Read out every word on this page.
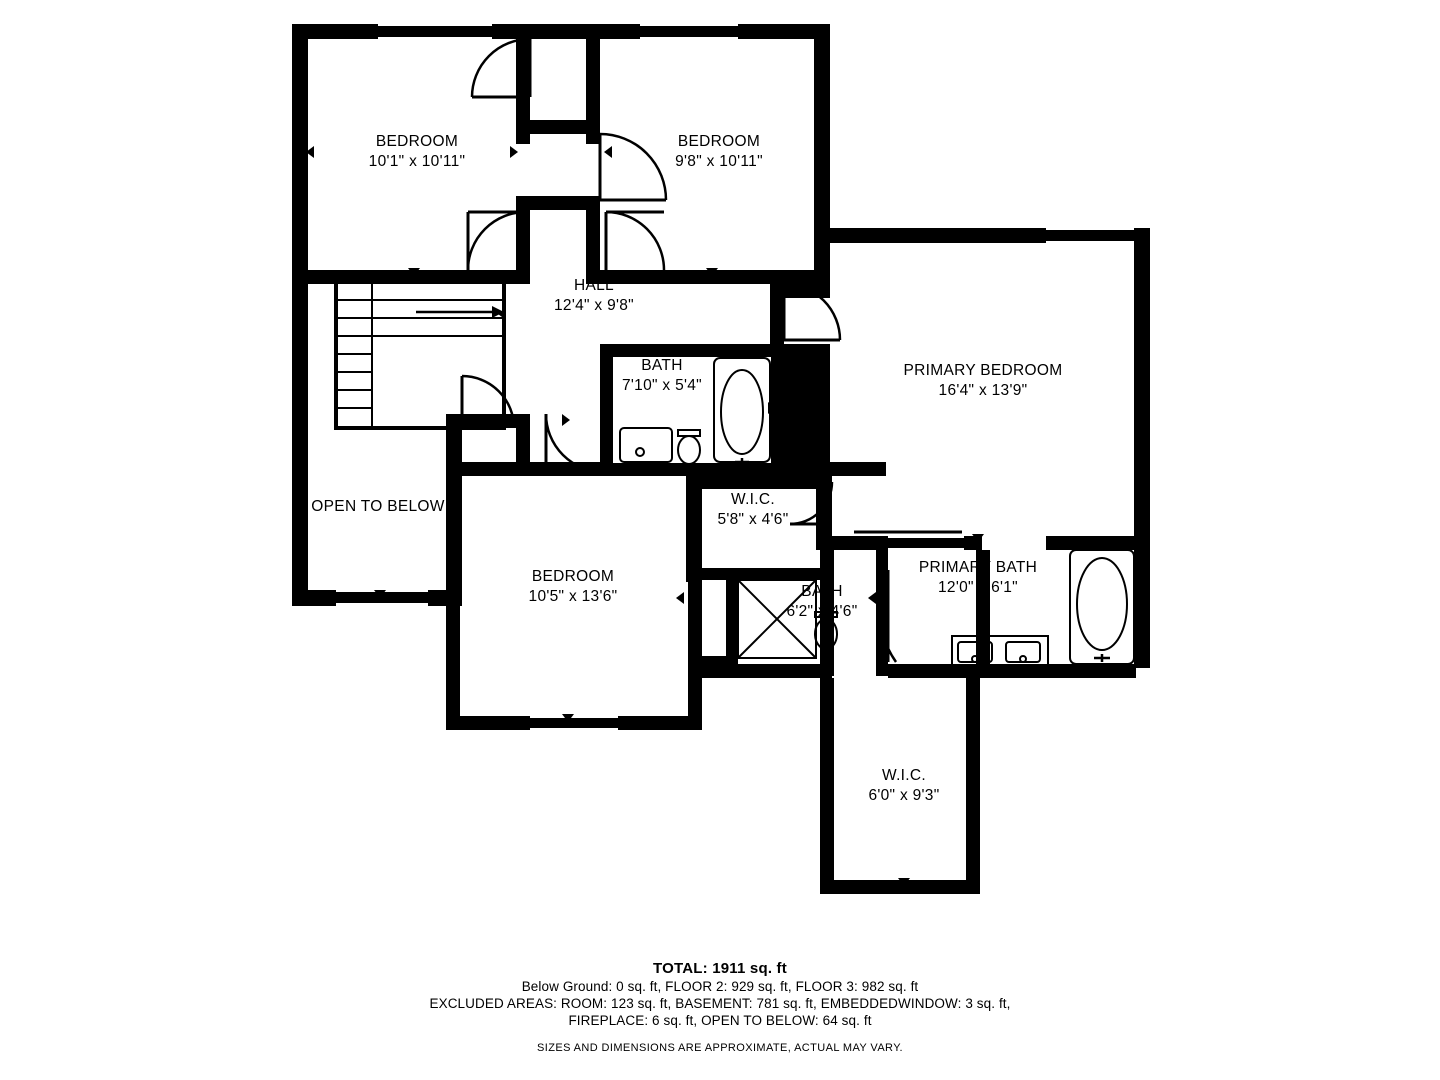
BEDROOM
10'1" x 10'11"
BEDROOM
9'8" x 10'11"
HALL
12'4" x 9'8"
BATH
7'10" x 5'4"
PRIMARY BEDROOM
16'4" x 13'9"
OPEN TO BELOW	W.I.C.
5'8" x 4'6"
PRIMARY BATH
12'0" x 6'1"
BEDROOM
10'5" x 13'6"	BATH
6'2" x 4'6"
W.I.C.
6'0" x 9'3"
TOTAL: 1911 sq. ft
Below Ground: 0 sq. ft, FLOOR 2: 929 sq. ft, FLOOR 3: 982 sq. ft
EXCLUDED AREAS: ROOM: 123 sq. ft, BASEMENT: 781 sq. ft, EMBEDDEDWINDOW: 3 sq. ft,
FIREPLACE: 6 sq. ft, OPEN TO BELOW: 64 sq. ft
SIZES AND DIMENSIONS ARE APPROXIMATE, ACTUAL MAY VARY.
